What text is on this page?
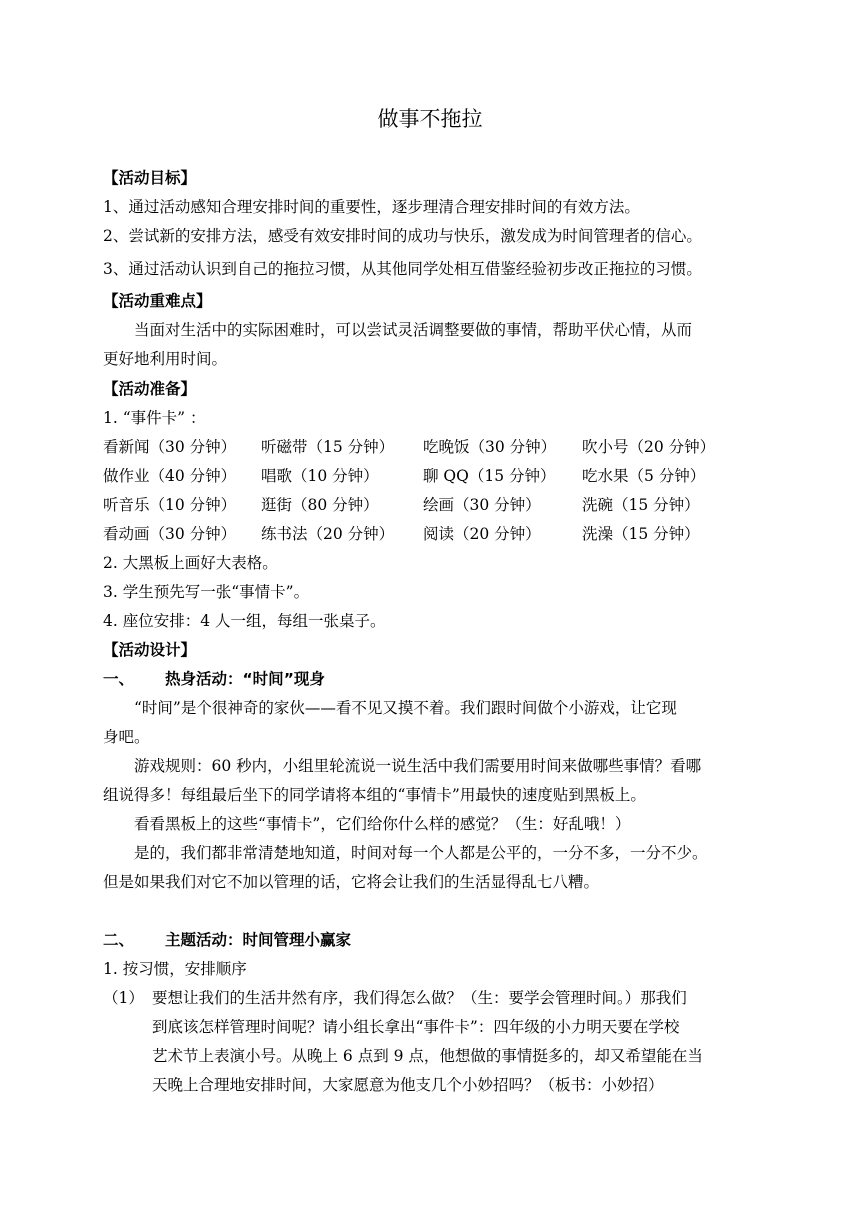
做事不拖拉
【活动目标】
1、通过活动感知合理安排时间的重要性，逐步理清合理安排时间的有效方法。
2、尝试新的安排方法，感受有效安排时间的成功与快乐，激发成为时间管理者的信心。
3、通过活动认识到自己的拖拉习惯，从其他同学处相互借鉴经验初步改正拖拉的习惯。
【活动重难点】
当面对生活中的实际困难时，可以尝试灵活调整要做的事情，帮助平伏心情，从而
更好地利用时间。
【活动准备】
1. “事件卡” ：
看新闻（30 分钟） 听磁带（15 分钟） 吃晚饭（30 分钟） 吹小号（20 分钟）
做作业（40 分钟） 唱歌（10 分钟）	聊 QQ（15 分钟） 吃水果（5 分钟）
听音乐（10 分钟） 逛街（80 分钟）	绘画（30 分钟）	洗碗（15 分钟）
看动画（30 分钟） 练书法（20 分钟） 阅读（20 分钟）	洗澡（15 分钟）
2. 大黑板上画好大表格。
3. 学生预先写一张“事情卡”。
4. 座位安排：4 人一组，每组一张桌子。
【活动设计】
一、 热身活动：“时间”现身
“时间”是个很神奇的家伙——看不见又摸不着。我们跟时间做个小游戏，让它现
身吧。
游戏规则：60 秒内，小组里轮流说一说生活中我们需要用时间来做哪些事情？看哪
组说得多！每组最后坐下的同学请将本组的“事情卡”用最快的速度贴到黑板上。
看看黑板上的这些“事情卡”，它们给你什么样的感觉？（生：好乱哦！）
是的，我们都非常清楚地知道，时间对每一个人都是公平的，一分不多，一分不少。
但是如果我们对它不加以管理的话，它将会让我们的生活显得乱七八糟。
二、 主题活动：时间管理小赢家
1. 按习惯，安排顺序
（1） 要想让我们的生活井然有序，我们得怎么做？（生：要学会管理时间。）那我们
到底该怎样管理时间呢？请小组长拿出“事件卡”：四年级的小力明天要在学校
艺术节上表演小号。从晚上 6 点到 9 点，他想做的事情挺多的，却又希望能在当
天晚上合理地安排时间，大家愿意为他支几个小妙招吗？（板书：小妙招）
